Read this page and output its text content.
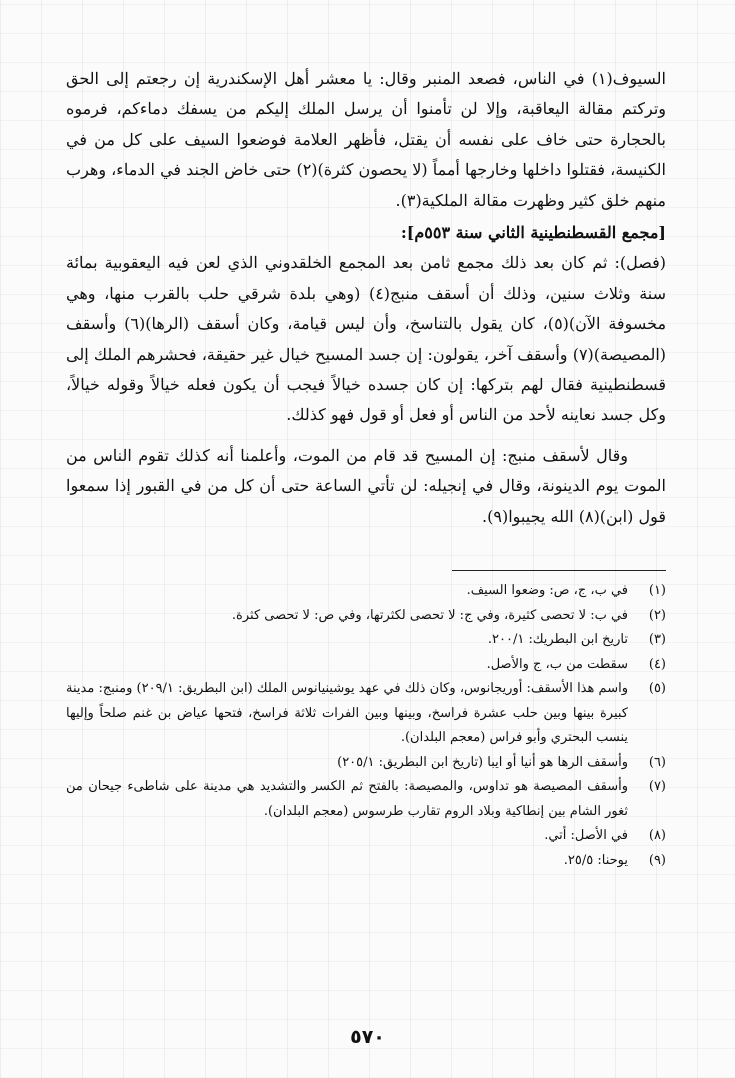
السيوف(١) في الناس، فصعد المنبر وقال: يا معشر أهل الإسكندرية إن رجعتم إلى الحق وتركتم مقالة اليعاقبة، وإلا لن تأمنوا أن يرسل الملك إليكم من يسفك دماءكم، فرموه بالحجارة حتى خاف على نفسه أن يقتل، فأظهر العلامة فوضعوا السيف على كل من في الكنيسة، فقتلوا داخلها وخارجها أمماً (لا يحصون كثرة)(٢) حتى خاض الجند في الدماء، وهرب منهم خلق كثير وظهرت مقالة الملكية(٣).

[مجمع القسطنطينية الثاني سنة ٥٥٣م]:

(فصل): ثم كان بعد ذلك مجمع ثامن بعد المجمع الخلقدوني الذي لعن فيه اليعقوبية بمائة سنة وثلاث سنين، وذلك أن أسقف منبج(٤) (وهي بلدة شرقي حلب بالقرب منها، وهي مخسوفة الآن)(٥)، كان يقول بالتناسخ، وأن ليس قيامة، وكان أسقف (الرها)(٦) وأسقف (المصيصة)(٧) وأسقف آخر، يقولون: إن جسد المسيح خيال غير حقيقة، فحشرهم الملك إلى قسطنطينية فقال لهم بتركها: إن كان جسده خيالاً فيجب أن يكون فعله خيالاً وقوله خيالاً، وكل جسد نعاينه لأحد من الناس أو فعل أو قول فهو كذلك.

وقال لأسقف منبج: إن المسيح قد قام من الموت، وأعلمنا أنه كذلك تقوم الناس من الموت يوم الدينونة، وقال في إنجيله: لن تأتي الساعة حتى أن كل من في القبور إذا سمعوا قول (ابن)(٨) الله يجيبوا(٩).

(١)
في ب، ج، ص: وضعوا السيف.
(٢)
في ب: لا تحصى كثيرة، وفي ج: لا تحصى لكثرتها، وفي ص: لا تحصى كثرة.
(٣)
تاريخ ابن البطريك: ٢٠٠/١.
(٤)
سقطت من ب، ج والأصل.
(٥)
واسم هذا الأسقف: أوريجانوس، وكان ذلك في عهد يوشينيانوس الملك (ابن البطريق: ٢٠٩/١) ومنبج: مدينة كبيرة بينها وبين حلب عشرة فراسخ، وبينها وبين الفرات ثلاثة فراسخ، فتحها عياض بن غنم صلحاً وإليها ينسب البحتري وأبو فراس (معجم البلدان).
(٦)
وأسقف الرها هو أنيا أو ايبا (تاريخ ابن البطريق: ٢٠٥/١)
(٧)
وأسقف المصيصة هو تداوس، والمصيصة: بالفتح ثم الكسر والتشديد هي مدينة على شاطىء جيحان من ثغور الشام بين إنطاكية وبلاد الروم تقارب طرسوس (معجم البلدان).
(٨)
في الأصل: أتي.
(٩)
يوحنا: ٢٥/٥.
٥٧٠
